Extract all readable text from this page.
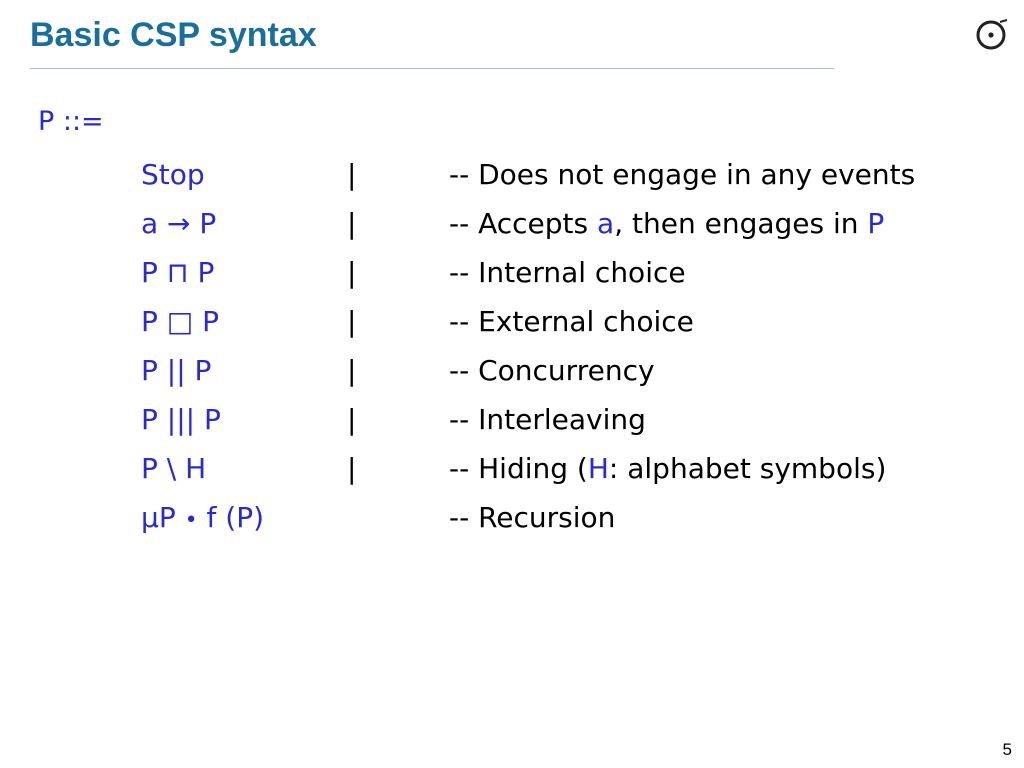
Basic CSP syntax
P ::=
Stop	|	-- Does not engage in any events
a → P	|	-- Accepts a, then engages in P
P ⊓ P	|	-- Internal choice
P □ P	|	-- External choice
P || P	|	-- Concurrency
P ||| P	|	-- Interleaving
P \ H	|	-- Hiding (H: alphabet symbols)
μP • f (P)	-- Recursion
5
